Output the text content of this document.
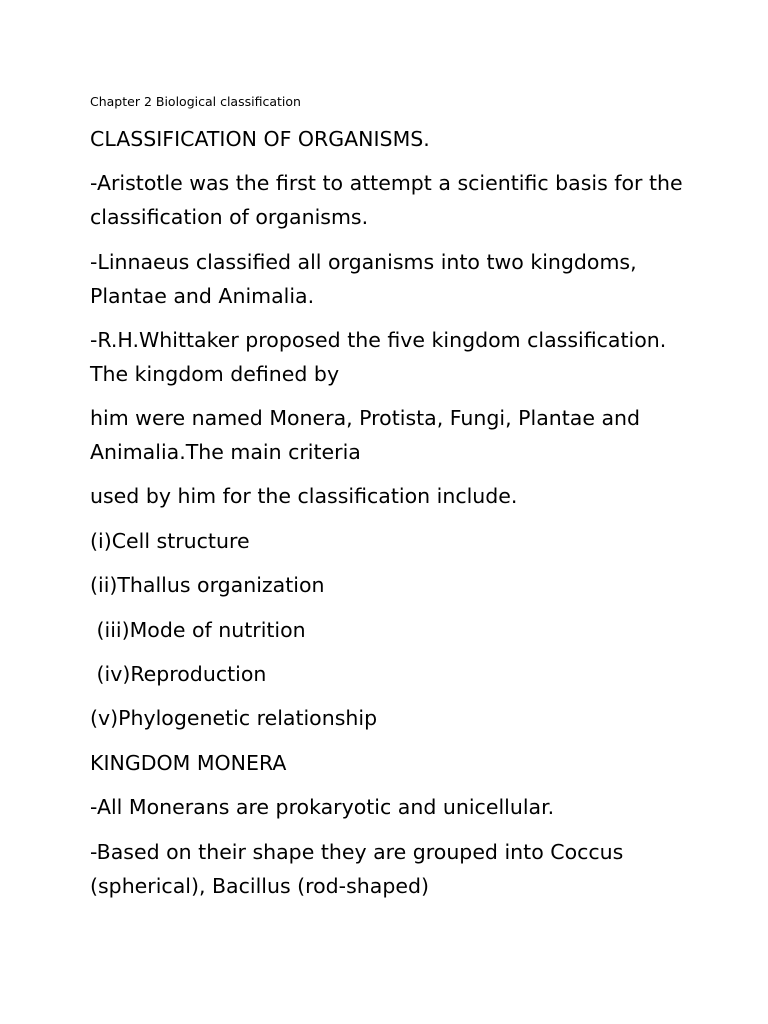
Chapter 2 Biological classification
CLASSIFICATION OF ORGANISMS.
-Aristotle was the first to attempt a scientific basis for the
classification of organisms.
-Linnaeus classified all organisms into two kingdoms,
Plantae and Animalia.
-R.H.Whittaker proposed the five kingdom classification.
The kingdom defined by
him were named Monera, Protista, Fungi, Plantae and
Animalia.The main criteria
used by him for the classification include.
(i)Cell structure
(ii)Thallus organization
(iii)Mode of nutrition
(iv)Reproduction
(v)Phylogenetic relationship
KINGDOM MONERA
-All Monerans are prokaryotic and unicellular.
-Based on their shape they are grouped into Coccus
(spherical), Bacillus (rod-shaped)
